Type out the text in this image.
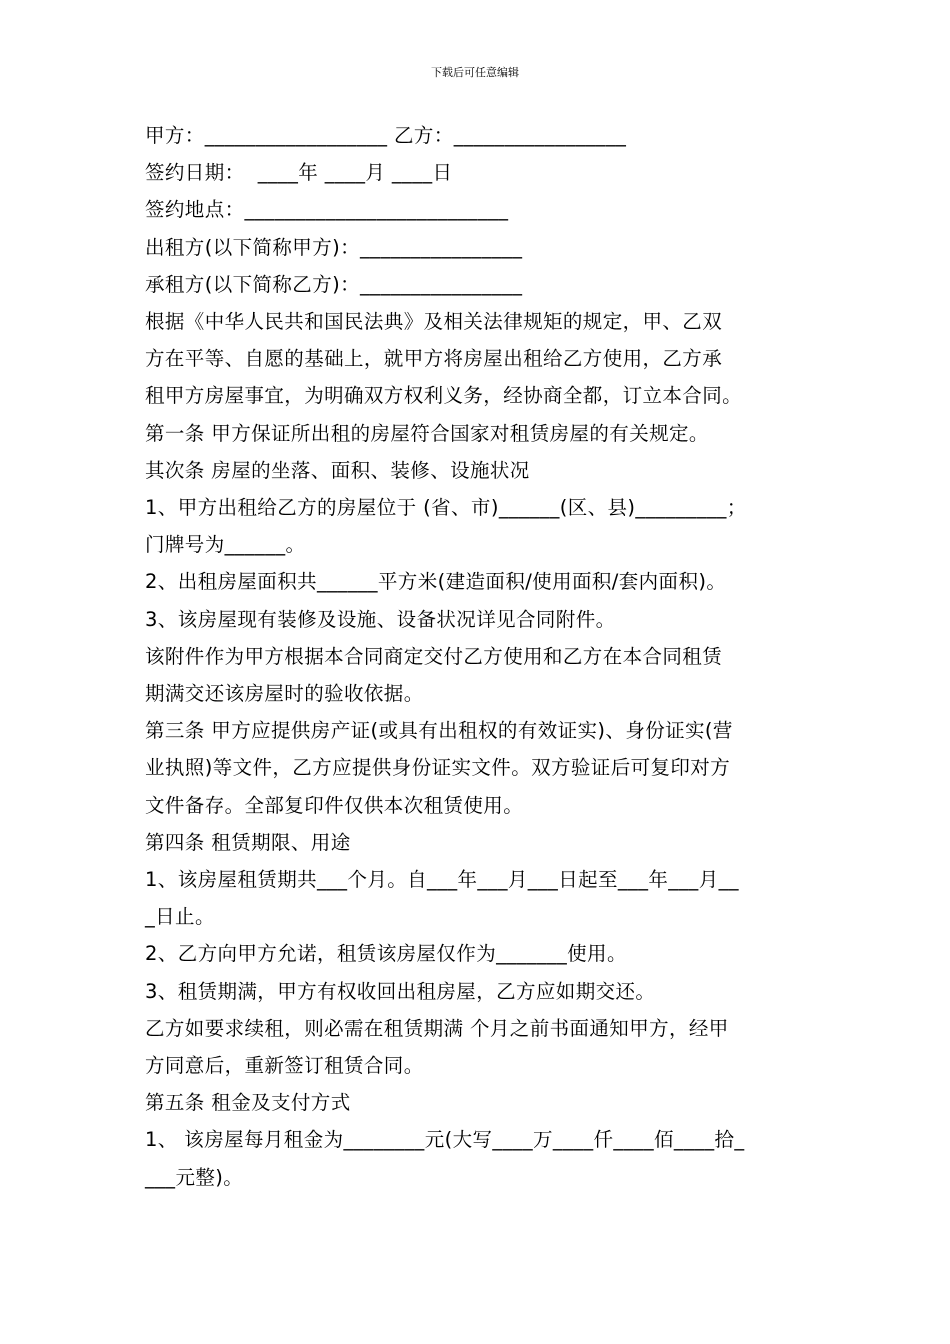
下载后可任意编辑
甲方：__________________ 乙方：_________________
签约日期：  ____年 ____月 ____日
签约地点：__________________________
出租方(以下简称甲方)：________________
承租方(以下简称乙方)：________________
根据《中华人民共和国民法典》及相关法律规矩的规定，甲、乙双
方在平等、自愿的基础上，就甲方将房屋出租给乙方使用，乙方承
租甲方房屋事宜，为明确双方权利义务，经协商全都，订立本合同。
第一条 甲方保证所出租的房屋符合国家对租赁房屋的有关规定。
其次条 房屋的坐落、面积、装修、设施状况
1、甲方出租给乙方的房屋位于 (省、市)______(区、县)_________；
门牌号为______。
2、出租房屋面积共______平方米(建造面积/使用面积/套内面积)。
3、该房屋现有装修及设施、设备状况详见合同附件。
该附件作为甲方根据本合同商定交付乙方使用和乙方在本合同租赁
期满交还该房屋时的验收依据。
第三条 甲方应提供房产证(或具有出租权的有效证实)、身份证实(营
业执照)等文件，乙方应提供身份证实文件。双方验证后可复印对方
文件备存。全部复印件仅供本次租赁使用。
第四条 租赁期限、用途
1、该房屋租赁期共___个月。自___年___月___日起至___年___月__
_日止。
2、乙方向甲方允诺，租赁该房屋仅作为_______使用。
3、租赁期满，甲方有权收回出租房屋，乙方应如期交还。
乙方如要求续租，则必需在租赁期满 个月之前书面通知甲方，经甲
方同意后，重新签订租赁合同。
第五条 租金及支付方式
1、 该房屋每月租金为________元(大写____万____仟____佰____拾_
___元整)。
